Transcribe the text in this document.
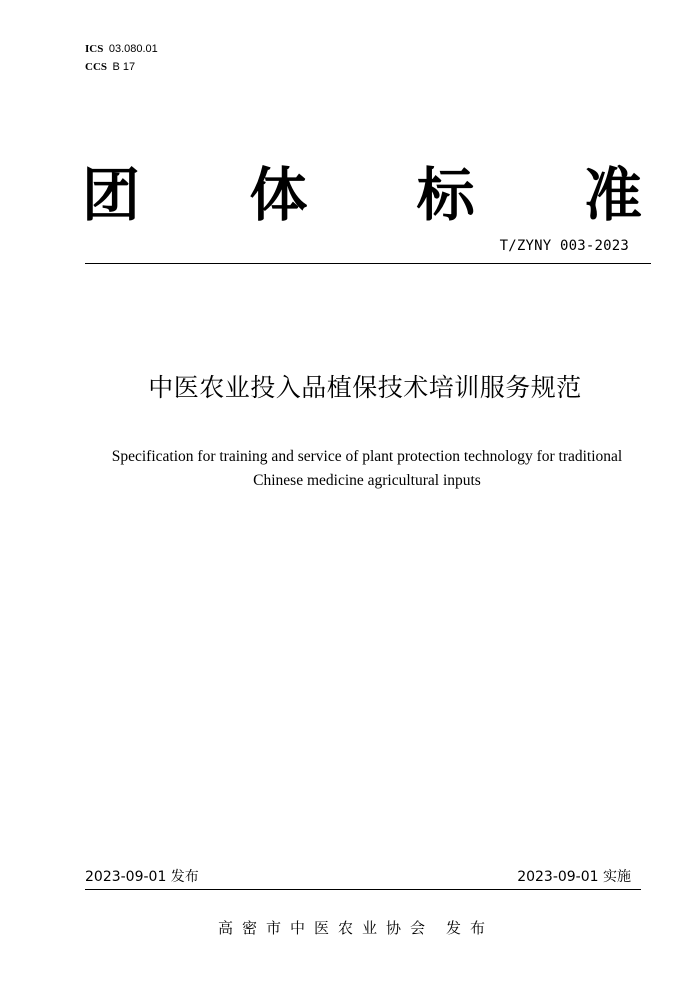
ICS 03.080.01
CCS B 17
团 体 标 准
T/ZYNY 003-2023
中医农业投入品植保技术培训服务规范
Specification for training and service of plant protection technology for traditional
Chinese medicine agricultural inputs
2023-09-01 发布	2023-09-01 实施
高密市中医农业协会 发布
